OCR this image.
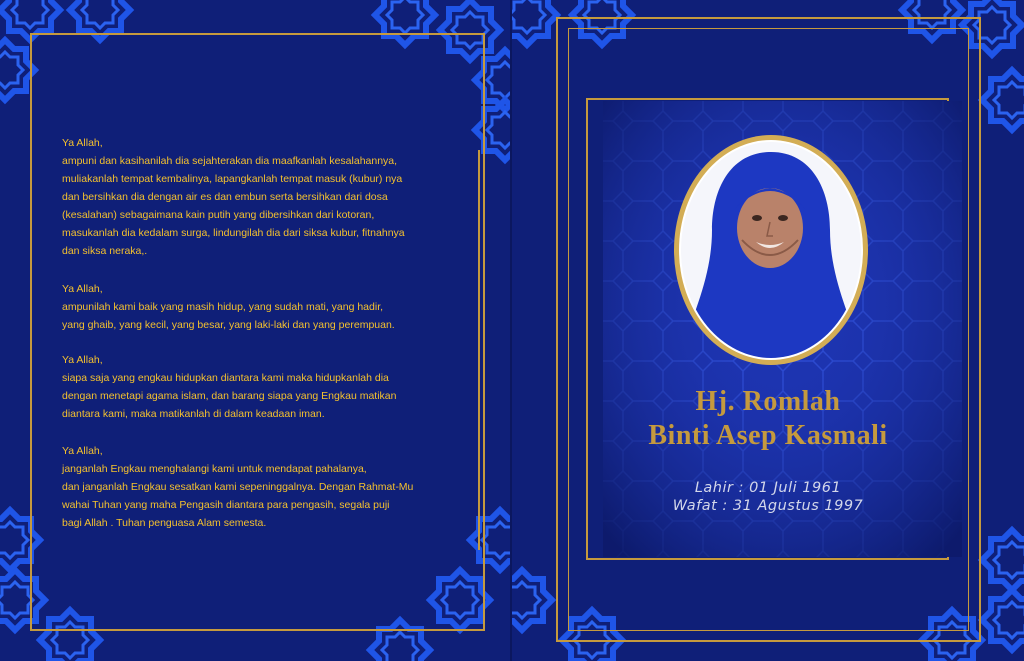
Ya Allah,

ampuni dan kasihanilah dia sejahterakan dia maafkanlah kesalahannya,

muliakanlah tempat kembalinya, lapangkanlah tempat masuk (kubur) nya

dan bersihkan dia dengan air es dan embun serta bersihkan dari dosa

(kesalahan) sebagaimana kain putih yang dibersihkan dari kotoran,

masukanlah dia kedalam surga, lindungilah dia dari siksa kubur, fitnahnya

dan siksa neraka,.

Ya Allah,

ampunilah kami baik yang masih hidup, yang sudah mati, yang hadir,

yang ghaib, yang kecil, yang besar, yang laki-laki dan yang perempuan.

Ya Allah,

siapa saja yang engkau hidupkan diantara kami maka hidupkanlah dia

dengan menetapi agama islam, dan barang siapa yang Engkau matikan

diantara kami, maka matikanlah di dalam keadaan iman.

Ya Allah,

janganlah Engkau menghalangi kami untuk mendapat pahalanya,

dan janganlah Engkau sesatkan kami sepeninggalnya. Dengan Rahmat-Mu

wahai Tuhan yang maha Pengasih diantara para pengasih, segala puji

bagi Allah . Tuhan penguasa Alam semesta.

Hj. Romlah
Binti Asep Kasmali
Lahir : 01 Juli 1961
Wafat : 31 Agustus 1997
